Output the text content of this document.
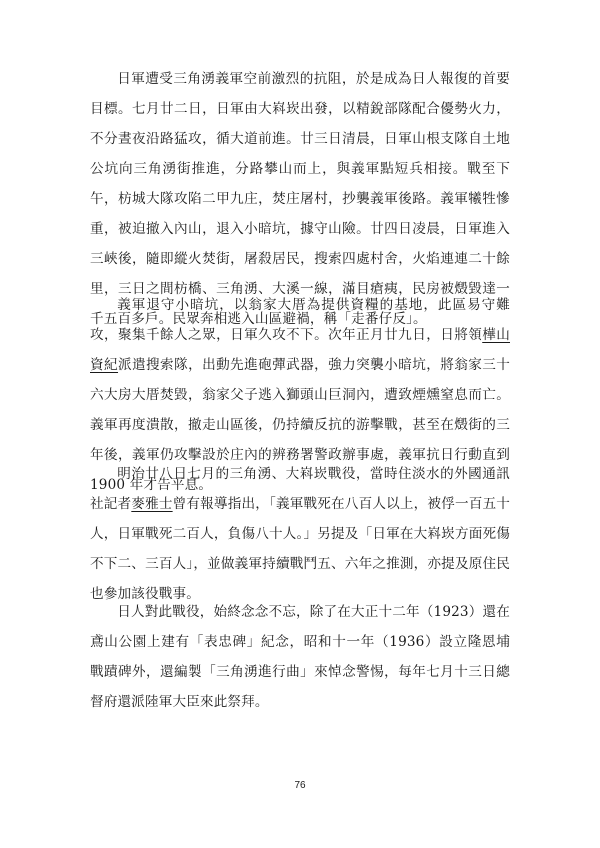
日軍遭受三角湧義軍空前激烈的抗阻，於是成為日人報復的首要目標。七月廿二日，日軍由大嵙崁出發，以精銳部隊配合優勢火力，不分晝夜沿路猛攻，循大道前進。廿三日清晨，日軍山根支隊自土地公坑向三角湧街推進，分路攀山而上，與義軍點短兵相接。戰至下午，枋城大隊攻陷二甲九庄，焚庄屠村，抄襲義軍後路。義軍犧牲慘重，被迫撤入內山，退入小暗坑，據守山險。廿四日凌晨，日軍進入三峽後，隨即縱火焚街，屠殺居民，搜索四處村舍，火焰連連二十餘里，三日之間枋橋、三角湧、大溪一線，滿目瘡痍，民房被燬毀達一千五百多戶。民眾奔相逃入山區避禍，稱「走番仔反」。

義軍退守小暗坑，以翁家大厝為提供資糧的基地，此區易守難攻，聚集千餘人之眾，日軍久攻不下。次年正月廿九日，日將領樺山資紀派遣搜索隊，出動先進砲彈武器，強力突襲小暗坑，將翁家三十六大房大厝焚毀，翁家父子逃入獅頭山巨洞內，遭致煙燻窒息而亡。義軍再度潰散，撤走山區後，仍持續反抗的游擊戰，甚至在燬街的三年後，義軍仍攻擊設於庄內的辨務署警政辦事處，義軍抗日行動直到 1900 年才告平息。

明治廿八日七月的三角湧、大嵙崁戰役，當時住淡水的外國通訊社記者麥雅士曾有報導指出，「義軍戰死在八百人以上，被俘一百五十人，日軍戰死二百人，負傷八十人。」另提及「日軍在大嵙崁方面死傷不下二、三百人」，並做義軍持續戰鬥五、六年之推測，亦提及原住民也參加該役戰事。

日人對此戰役，始終念念不忘，除了在大正十二年（1923）還在鳶山公園上建有「表忠碑」紀念，昭和十一年（1936）設立隆恩埔戰蹟碑外，還編製「三角湧進行曲」來悼念警惕，每年七月十三日總督府還派陸軍大臣來此祭拜。

76
